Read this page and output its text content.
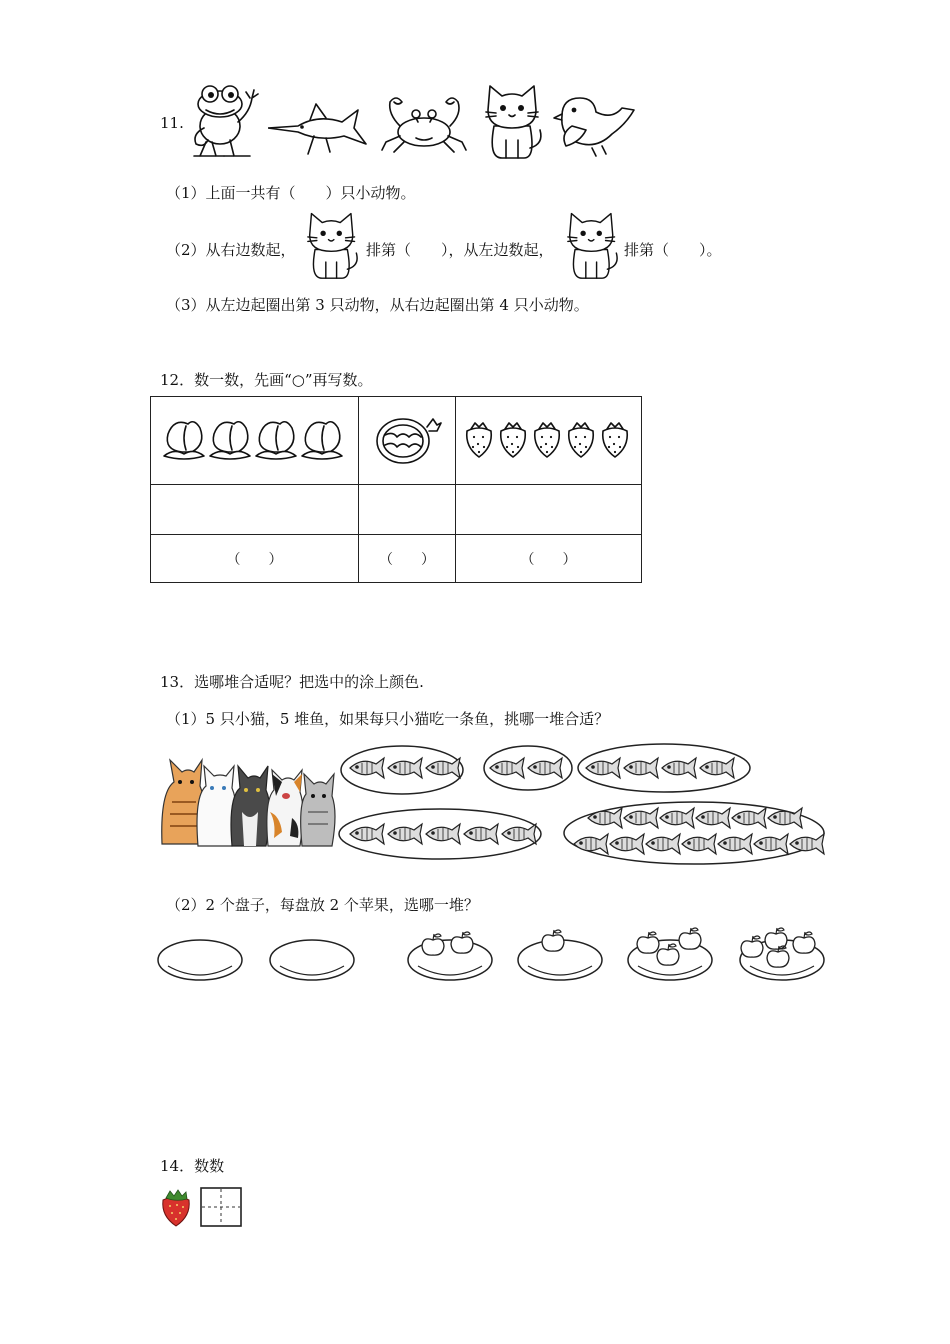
11.
（1）上面一共有（　　）只小动物。
（2）从右边数起，	排第（　　），从左边数起，	排第（　　）。
（3）从左边起圈出第 3 只动物，从右边起圈出第 4 只小动物。
12．数一数，先画“○”再写数。

（　　）	（　　）	（　　）
13．选哪堆合适呢？把选中的涂上颜色.
（1）5 只小猫，5 堆鱼，如果每只小猫吃一条鱼，挑哪一堆合适？
（2）2 个盘子，每盘放 2 个苹果，选哪一堆？
14．数数
